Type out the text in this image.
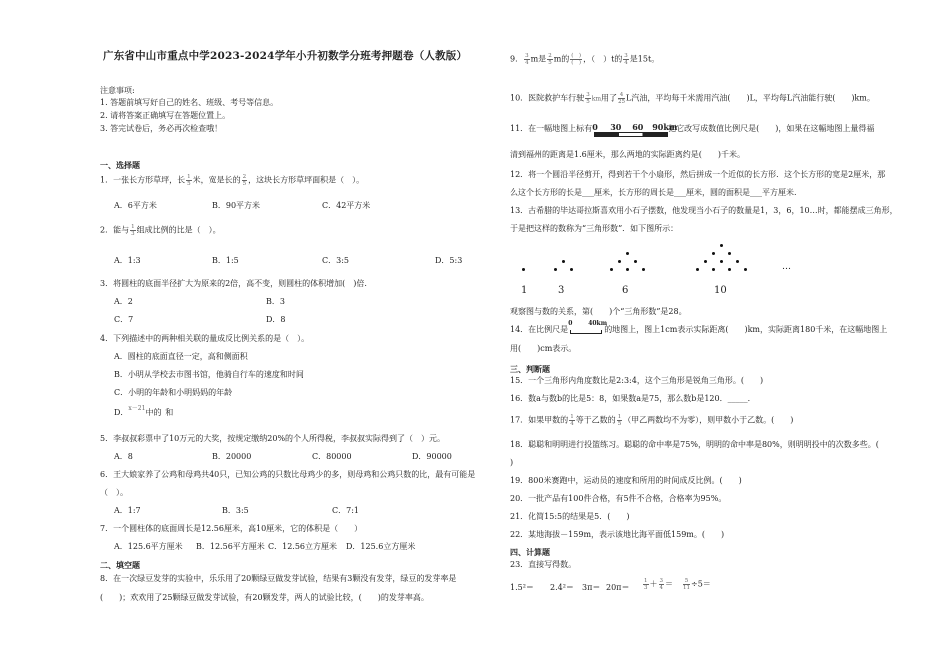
广东省中山市重点中学2023-2024学年小升初数学分班考押题卷（人教版）
注意事项:
1. 答题前填写好自己的姓名、班级、考号等信息。
2. 请将答案正确填写在答题位置上。
3. 答完试卷后，务必再次检查哦！
一、选择题
1．一张长方形草坪，长 $\frac{1}{5}$ 米，宽是长的 $\frac{2}{5}$ ，这块长方形草坪面积是（　）。
A．6平方米	B．90平方米	C．42平方米
2．能与 $\frac{1}{3}$ 组成比例的比是（　）。
A．1:3	B．1:5	C．3:5	D．5:3
3．将圆柱的底面半径扩大为原来的2倍，高不变，则圆柱的体积增加(　)倍.
A．2	B．3
C．7	D．8
4．下列描述中的两种相关联的量成反比例关系的是（　）。
A．圆柱的底面直径一定，高和侧面积
B．小明从学校去市图书馆，他骑自行车的速度和时间
C．小明的年龄和小明妈妈的年龄
D．$^{x-21}$中的 和
5．李叔叔彩票中了10万元的大奖，按规定缴纳20%的个人所得税，李叔叔实际得到了（　）元。
A．8	B．20000	C．80000	D．90000
6．王大娘家养了公鸡和母鸡共40只，已知公鸡的只数比母鸡少的多，则母鸡和公鸡只数的比，最有可能是
（　）。
A．1:7	B．3:5	C．7:1
7．一个圆柱体的底面周长是12.56厘米，高10厘米，它的体积是（　　）
A．125.6平方厘米 B．12.56平方厘米 C．12.56立方厘米 D．125.6立方厘米
二、填空题
8．在一次绿豆发芽的实验中，乐乐用了20颗绿豆做发芽试验，结果有3颗没有发芽，绿豆的发芽率是
(　　)；欢欢用了25颗绿豆做发芽试验，有20颗发芽，两人的试验比较，(　　)的发芽率高。
9． $\frac{3}{4}$ m是 $\frac{2}{5}$ m的 $\frac{( )}{( )}$ ，（　）t的 $\frac{3}{4}$ 是15t。
10．医院救护车行驶 $\frac{3}{5}$ km用了 $\frac{4}{25}$ L汽油，平均每千米需用汽油(　　)L，平均每L汽油能行驶(　　)km。
11．在一幅地图上标有 0 30 60 90km
把它改写成数值比例尺是(　　)，如果在这幅地图上量得福
清到福州的距离是1.6厘米，那么两地的实际距离约是(　　)千米。
12．将一个圆沿半径剪开，得到若干个小扇形，然后拼成一个近似的长方形．这个长方形的宽是2厘米，那
么这个长方形的长是___厘米，长方形的周长是___厘米，圆的面积是___平方厘米.
13．古希腊的毕达哥拉斯喜欢用小石子摆数，他发现当小石子的数量是1，3，6，10…时，都能摆成三角形，
于是把这样的数称为“三角形数”．如下图所示：
…
1	3	6	10
观察图与数的关系，第(　　)个“三角形数”是28。
14．在比例尺是
0	40km
的地图上，图上1cm表示实际距离(　　)km，实际距离180千米，在这幅地图上
用(　　)cm表示。
三、判断题
15．一个三角形内角度数比是2:3:4，这个三角形是锐角三角形。(　　)
16．数a与数b的比是5：8，如果数a是75，那么数b是120．_____．
17．如果甲数的 $\frac{1}{4}$ 等于乙数的 $\frac{1}{5}$ （甲乙两数均不为零），则甲数小于乙数。(　　)
18．聪聪和明明进行投篮练习。聪聪的命中率是75%，明明的命中率是80%，则明明投中的次数多些。(
)
19．800米赛跑中，运动员的速度和所用的时间成反比例。(　　)
20．一批产品有100件合格，有5件不合格，合格率为95%。
21．化简15:5的结果是5．(　　)
22．某地海拔－159m，表示该地比海平面低159m。(　　)
四、计算题
23．直接写得数。
$1.5^2= 2.4^2= 3\pi= 20\pi= \frac{1}{3} + \frac{3}{4} = \frac{5}{11} \div 5=$
